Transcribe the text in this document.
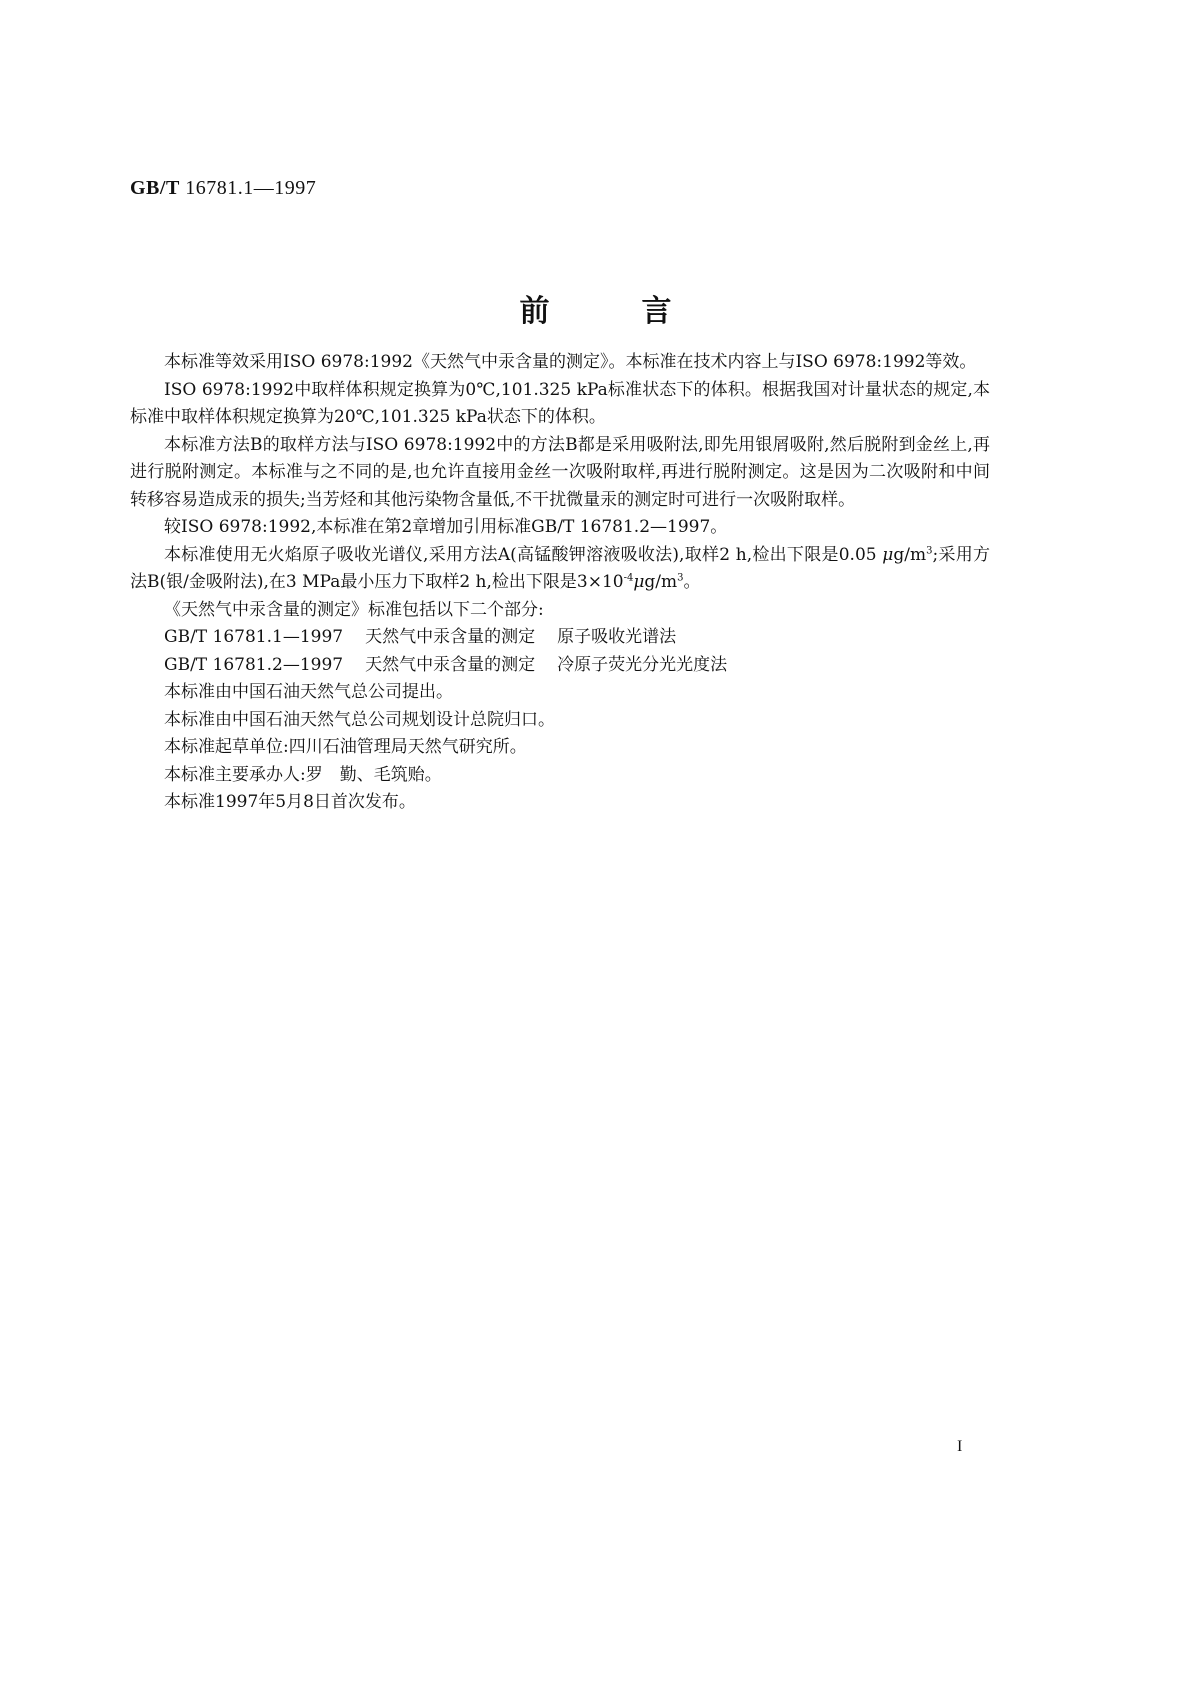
GB/T 16781.1—1997
前	言

本标准等效采用ISO 6978:1992《天然气中汞含量的测定》。本标准在技术内容上与ISO 6978:1992等效。

ISO 6978:1992中取样体积规定换算为0℃,101.325 kPa标准状态下的体积。根据我国对计量状态的规定,本标准中取样体积规定换算为20℃,101.325 kPa状态下的体积。

本标准方法B的取样方法与ISO 6978:1992中的方法B都是采用吸附法,即先用银屑吸附,然后脱附到金丝上,再进行脱附测定。本标准与之不同的是,也允许直接用金丝一次吸附取样,再进行脱附测定。这是因为二次吸附和中间转移容易造成汞的损失;当芳烃和其他污染物含量低,不干扰微量汞的测定时可进行一次吸附取样。

较ISO 6978:1992,本标准在第2章增加引用标准GB/T 16781.2—1997。

本标准使用无火焰原子吸收光谱仪,采用方法A(高锰酸钾溶液吸收法),取样2 h,检出下限是0.05 $\mu g/m^3$;采用方法B(银/金吸附法),在3 MPa最小压力下取样2 h,检出下限是$3\times 10^{-4}\mu g/m^3$。

《天然气中汞含量的测定》标准包括以下二个部分:

GB/T 16781.1—1997 天然气中汞含量的测定 原子吸收光谱法

GB/T 16781.2—1997 天然气中汞含量的测定 冷原子荧光分光光度法

本标准由中国石油天然气总公司提出。

本标准由中国石油天然气总公司规划设计总院归口。

本标准起草单位:四川石油管理局天然气研究所。

本标准主要承办人:罗 勤、毛筑贻。

本标准1997年5月8日首次发布。

I
